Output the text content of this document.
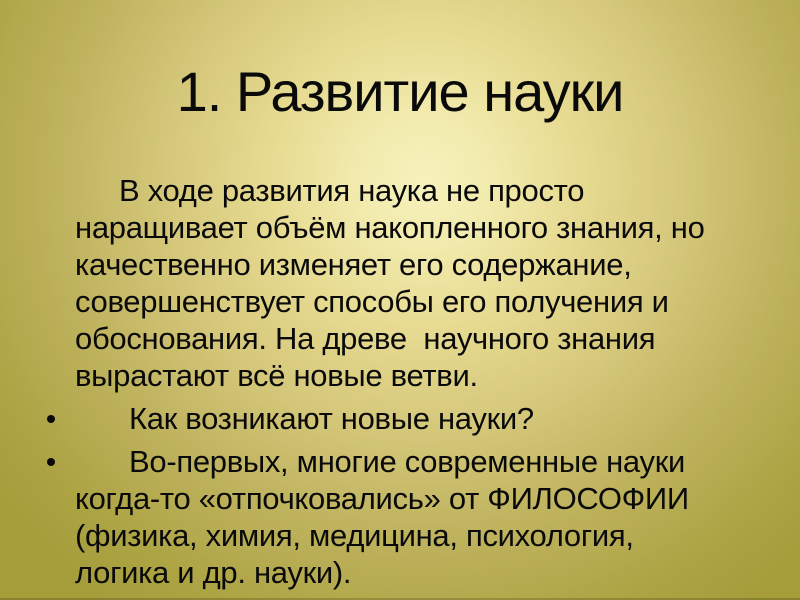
1. Развитие науки
В ходе развития наука не просто
наращивает объём накопленного знания, но
качественно изменяет его содержание,
совершенствует способы его получения и
обоснования. На древе  научного знания
вырастают всё новые ветви.
Как возникают новые науки?
Во-первых, многие современные науки
когда-то «отпочковались» от ФИЛОСОФИИ
(физика, химия, медицина, психология,
логика и др. науки).
